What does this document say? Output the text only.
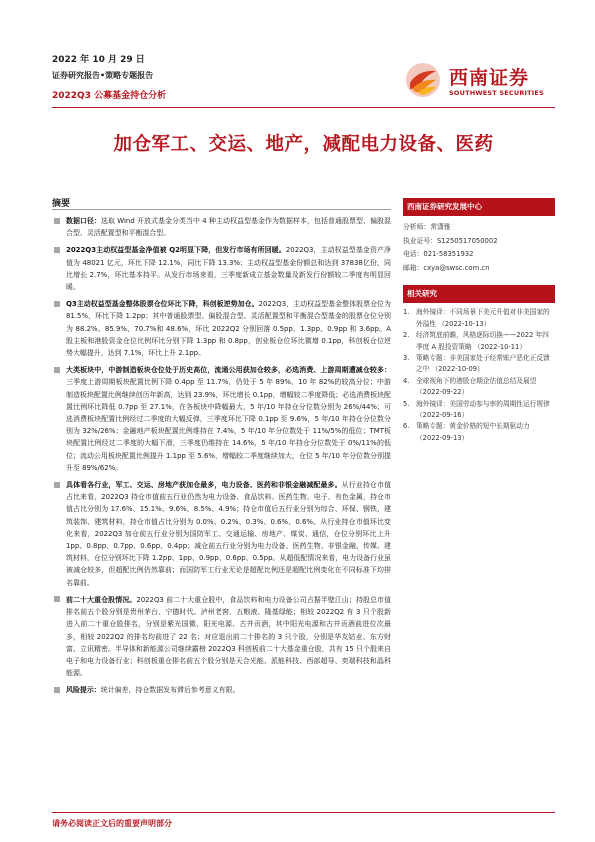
2022 年 10 月 29 日
证券研究报告•策略专题报告
2022Q3 公募基金持仓分析
西南证券
SOUTHWEST SECURITIES
加仓军工、交运、地产，减配电力设备、医药
摘要
数据口径：选取 Wind 开放式基金分类当中 4 种主动权益型基金作为数据样本，包括普通股票型、偏股混合型、灵活配置型和平衡混合型。
2022Q3主动权益型基金净值被 Q2明显下降，但发行市场有所回暖。2022Q3，主动权益型基金资产净值为 48021 亿元，环比下降 12.1%，同比下降 13.3%；主动权益型基金份额总和达到 37838亿份，同比增长 2.7%，环比基本持平。从发行市场来看，三季度新成立基金数量及新发行份额较二季度有明显回暖。
Q3主动权益型基金整体股票仓位环比下降，科创板逆势加仓。2022Q3，主动权益型基金整体股票仓位为 81.5%，环比下降 1.2pp；其中普通股票型、偏股混合型、灵活配置型和平衡混合型基金的股票仓位分别为 88.2%、85.9%、70.7%和 48.6%，环比 2022Q2 分别回落 0.5pp、1.3pp、0.9pp 和 3.6pp。A 股主板和港股资金仓位比例环比分别下降 1.3pp 和 0.8pp，创业板仓位环比微增 0.1pp，科创板仓位逆势大幅提升，达到 7.1%，环比上升 2.1pp。
大类板块中，中游制造板块仓位处于历史高位，流通公用获加仓较多，必选消费、上游周期遭减仓较多：三季度上游周期板块配置比例下降 0.4pp 至 11.7%，仍处于 5 年 89%、10 年 82%的较高分位；中游制造板块配置比例继续创历年新高，达到 23.9%，环比增长 0.1pp，增幅较二季度降低；必选消费板块配置比例环比降低 0.7pp 至 27.1%，在各板块中降幅最大，5 年/10 年持仓分位数分别为 26%/44%；可选消费板块配置比例经过二季度的大幅反弹，三季度环比下降 0.1pp 至 9.6%，5 年/10 年持仓分位数分别为 32%/26%；金融地产板块配置比例维持在 7.4%，5 年/10 年分位数处于 11%/5%的低位；TMT板块配置比例经过二季度的大幅下滑，三季度仍维持在 14.6%，5 年/10 年持仓分位数处于 0%/11%的低位；流动公用板块配置比例提升 1.1pp 至 5.6%，增幅较二季度继续加大，仓位 5 年/10 年分位数分别提升至 89%/62%。
具体看各行业，军工、交运、房地产获加仓最多，电力设备、医药和非银金融减配最多。从行业持仓市值占比来看，2022Q3 持仓市值前五行业仍然为电力设备、食品饮料、医药生物、电子、有色金属，持仓市值占比分别为 17.6%、15.1%、9.6%、8.5%、4.9%；持仓市值后五行业分别为综合、环保、钢铁、建筑装饰、建筑材料，持仓市值占比分别为 0.0%、0.2%、0.3%、0.6%、0.6%。从行业持仓市值环比变化来看，2022Q3 加仓前五行业分别为国防军工、交通运输、房地产、煤炭、通信，仓位分别环比上升 1pp、0.8pp、0.7pp、0.6pp、0.4pp；减仓前五行业分别为电力设备、医药生物、非银金融、传媒、建筑材料，仓位分别环比下降 1.2pp、1pp、0.9pp、0.6pp、0.5pp。从超低配情况来看，电力设备行业虽被减仓较多，但超配比例仍然靠前；而国防军工行业无论是超配比例还是超配比例变化在不同标准下均排名靠前。
前二十大重仓股情况。2022Q3 前二十大重仓股中，食品饮料和电力设备公司占据半壁江山；持股总市值排名前五个股分别是贵州茅台、宁德时代、泸州老窖、五粮液、隆基绿能；相较 2022Q2 有 3 只个股新进入前二十重仓股排名，分别是紫光国微、阳光电源、古井贡酒，其中阳光电源和古井贡酒前进位次最多，相较 2022Q2 的排名均前进了 22 名；对应退出前二十排名的 3 只个股，分别是华友钴业、东方财富、立讯精密。半导体和新能源公司继续霸榜 2022Q3 科创板前二十大基金重仓股，共有 15 只个股来自电子和电力设备行业；科创板重仓排名前五个股分别是天合光能、派能科技、西部超导、奕瑞科技和晶科能源。
风险提示：统计偏差，持仓数据发布滞后参考意义有限。
西南证券研究发展中心
分析师：常潇雅
执业证号：S1250517050002
电话：021-58351932
邮箱：cxya@swsc.com.cn
相关研究
1. 海外镜译：不同场景下美元升值对非美国家的外溢性 （2022-10-13）
2. 经济筑底前瞻，风格逐际切换——2022 年四季度 A 股投资策略 （2022-10-11）
3. 策略专题：非美国家处于经常账户恶化正反馈之中 （2022-10-09）
4. 全球视角下的港股仓期企估值总结及展望 （2022-09-22）
5. 海外镜译：美国劳动参与率的周期性运行规律 （2022-09-16）
6. 策略专题：黄金价格的短中长期驱动力 （2022-09-13）
请务必阅读正文后的重要声明部分
